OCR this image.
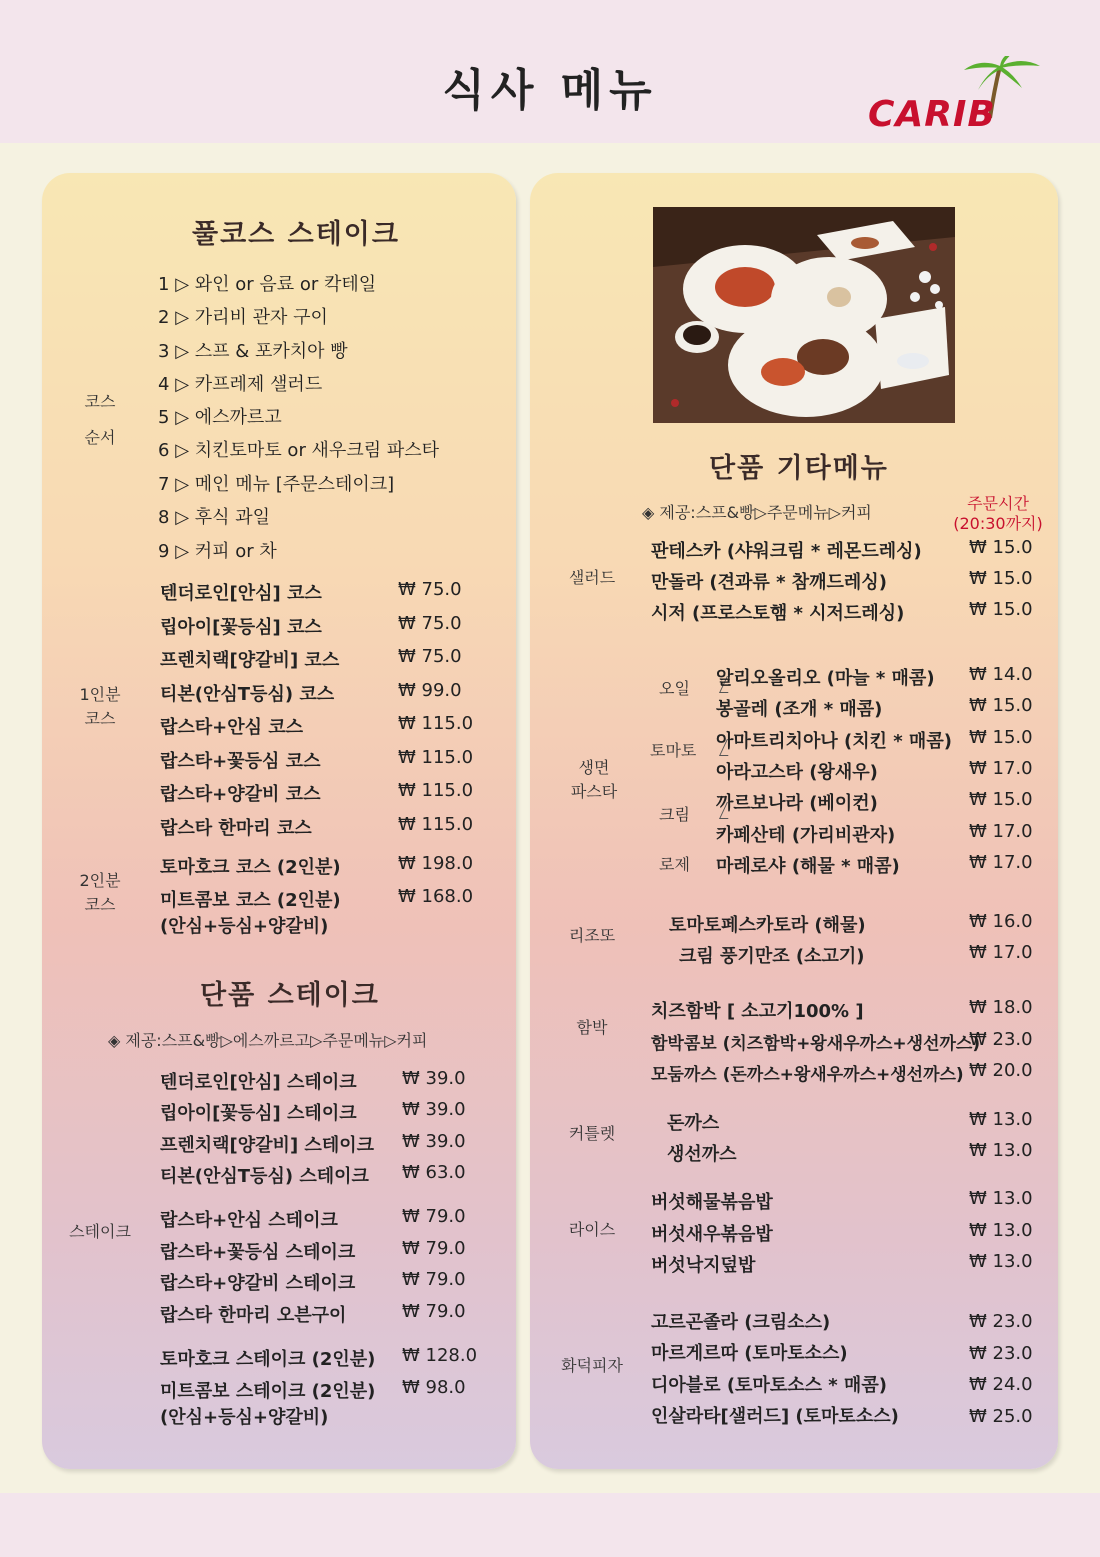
식사 메뉴	CARIB
풀코스 스테이크
코스
순서
1 ▷ 와인 or 음료 or 칵테일
2 ▷ 가리비 관자 구이
3 ▷ 스프 & 포카치아 빵
4 ▷ 카프레제 샐러드
5 ▷ 에스까르고
6 ▷ 치킨토마토 or 새우크림 파스타
7 ▷ 메인 메뉴 [주문스테이크]
8 ▷ 후식 과일
9 ▷ 커피 or 차
1인분
코스
텐더로인[안심] 코스	₩ 75.0
립아이[꽃등심] 코스	₩ 75.0
프렌치랙[양갈비] 코스	₩ 75.0
티본(안심T등심) 코스	₩ 99.0
랍스타+안심 코스	₩ 115.0
랍스타+꽃등심 코스	₩ 115.0
랍스타+양갈비 코스	₩ 115.0
랍스타 한마리 코스	₩ 115.0
2인분
코스
토마호크 코스 (2인분)	₩ 198.0
미트콤보 코스 (2인분)	₩ 168.0
(안심+등심+양갈비)
단품 스테이크
◈ 제공:스프&빵▷에스까르고▷주문메뉴▷커피
스테이크
텐더로인[안심] 스테이크	₩ 39.0
립아이[꽃등심] 스테이크	₩ 39.0
프렌치랙[양갈비] 스테이크 ₩ 39.0
티본(안심T등심) 스테이크 ₩ 63.0
랍스타+안심 스테이크	₩ 79.0
랍스타+꽃등심 스테이크	₩ 79.0
랍스타+양갈비 스테이크	₩ 79.0
랍스타 한마리 오븐구이	₩ 79.0
토마호크 스테이크 (2인분) ₩ 128.0
미트콤보 스테이크 (2인분) ₩ 98.0
(안심+등심+양갈비)
단품 기타메뉴
◈ 제공:스프&빵▷주문메뉴▷커피	주문시간
(20:30까지)
샐러드
판테스카 (샤워크림 * 레몬드레싱)	₩ 15.0
만돌라 (견과류 * 참깨드레싱)	₩ 15.0
시저 (프로스토햄 * 시저드레싱)	₩ 15.0
생면
파스타
오일
토마토
크림
로제
알리오올리오 (마늘 * 매콤) ₩ 14.0
봉골레 (조개 * 매콤)	₩ 15.0
아마트리치아나 (치킨 * 매콤) ₩ 15.0
아라고스타 (왕새우)	₩ 17.0
까르보나라 (베이컨)	₩ 15.0
카페산테 (가리비관자)	₩ 17.0
마레로샤 (해물 * 매콤)	₩ 17.0
리조또	토마토페스카토라 (해물)	₩ 16.0
크림 풍기만조 (소고기)	₩ 17.0
함박
치즈함박 [ 소고기100% ]	₩ 18.0
함박콤보 (치즈함박+왕새우까스+생선까스)
₩ 23.0
모둠까스 (돈까스+왕새우까스+생선까스) ₩ 20.0
커틀렛	돈까스	₩ 13.0
생선까스	₩ 13.0
라이스
버섯해물볶음밥	₩ 13.0
버섯새우볶음밥	₩ 13.0
버섯낙지덮밥	₩ 13.0
화덕피자
고르곤졸라 (크림소스)	₩ 23.0
마르게르따 (토마토소스)	₩ 23.0
디아블로 (토마토소스 * 매콤)	₩ 24.0
인살라타[샐러드] (토마토소스)	₩ 25.0
